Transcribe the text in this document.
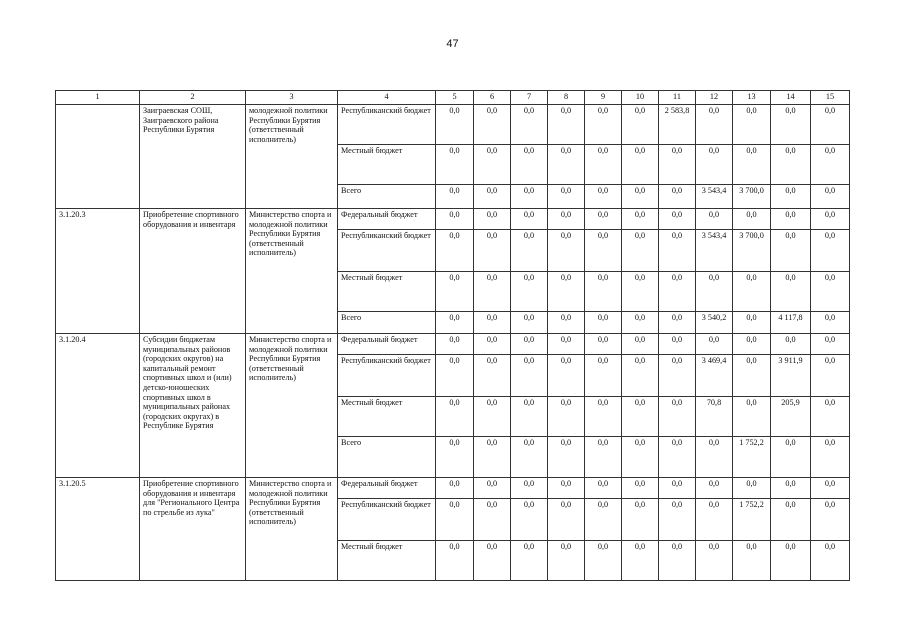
47
1	2	3	4	5	6	7	8	9	10	11	12	13	14	15
	Заиграевская СОШ, Заиграевского района Республики Бурятия	молодежной политики Республики Бурятия (ответственный исполнитель)	Республиканский бюджет	0,0	0,0	0,0	0,0	0,0	0,0	2 583,8	0,0	0,0	0,0	0,0
			Местный бюджет	0,0	0,0	0,0	0,0	0,0	0,0	0,0	0,0	0,0	0,0	0,0
			Всего	0,0	0,0	0,0	0,0	0,0	0,0	0,0	3 543,4	3 700,0	0,0	0,0
3.1.20.3	Приобретение спортивного оборудования и инвентаря	Министерство спорта и молодежной политики Республики Бурятия (ответственный исполнитель)	Федеральный бюджет	0,0	0,0	0,0	0,0	0,0	0,0	0,0	0,0	0,0	0,0	0,0
			Республиканский бюджет	0,0	0,0	0,0	0,0	0,0	0,0	0,0	3 543,4	3 700,0	0,0	0,0
			Местный бюджет	0,0	0,0	0,0	0,0	0,0	0,0	0,0	0,0	0,0	0,0	0,0
			Всего	0,0	0,0	0,0	0,0	0,0	0,0	0,0	3 540,2	0,0	4 117,8	0,0
3.1.20.4	Субсидии бюджетам муниципальных районов (городских округов) на капитальный ремонт спортивных школ и (или) детско-юношеских спортивных школ в муниципальных районах (городских округах) в Республике Бурятия	Министерство спорта и молодежной политики Республики Бурятия (ответственный исполнитель)	Федеральный бюджет	0,0	0,0	0,0	0,0	0,0	0,0	0,0	0,0	0,0	0,0	0,0
			Республиканский бюджет	0,0	0,0	0,0	0,0	0,0	0,0	0,0	3 469,4	0,0	3 911,9	0,0
			Местный бюджет	0,0	0,0	0,0	0,0	0,0	0,0	0,0	70,8	0,0	205,9	0,0
			Всего	0,0	0,0	0,0	0,0	0,0	0,0	0,0	0,0	1 752,2	0,0	0,0
3.1.20.5	Приобретение спортивного оборудования и инвентаря для "Регионального Центра по стрельбе из лука"	Министерство спорта и молодежной политики Республики Бурятия (ответственный исполнитель)	Федеральный бюджет	0,0	0,0	0,0	0,0	0,0	0,0	0,0	0,0	0,0	0,0	0,0
			Республиканский бюджет	0,0	0,0	0,0	0,0	0,0	0,0	0,0	0,0	1 752,2	0,0	0,0
			Местный бюджет	0,0	0,0	0,0	0,0	0,0	0,0	0,0	0,0	0,0	0,0	0,0
